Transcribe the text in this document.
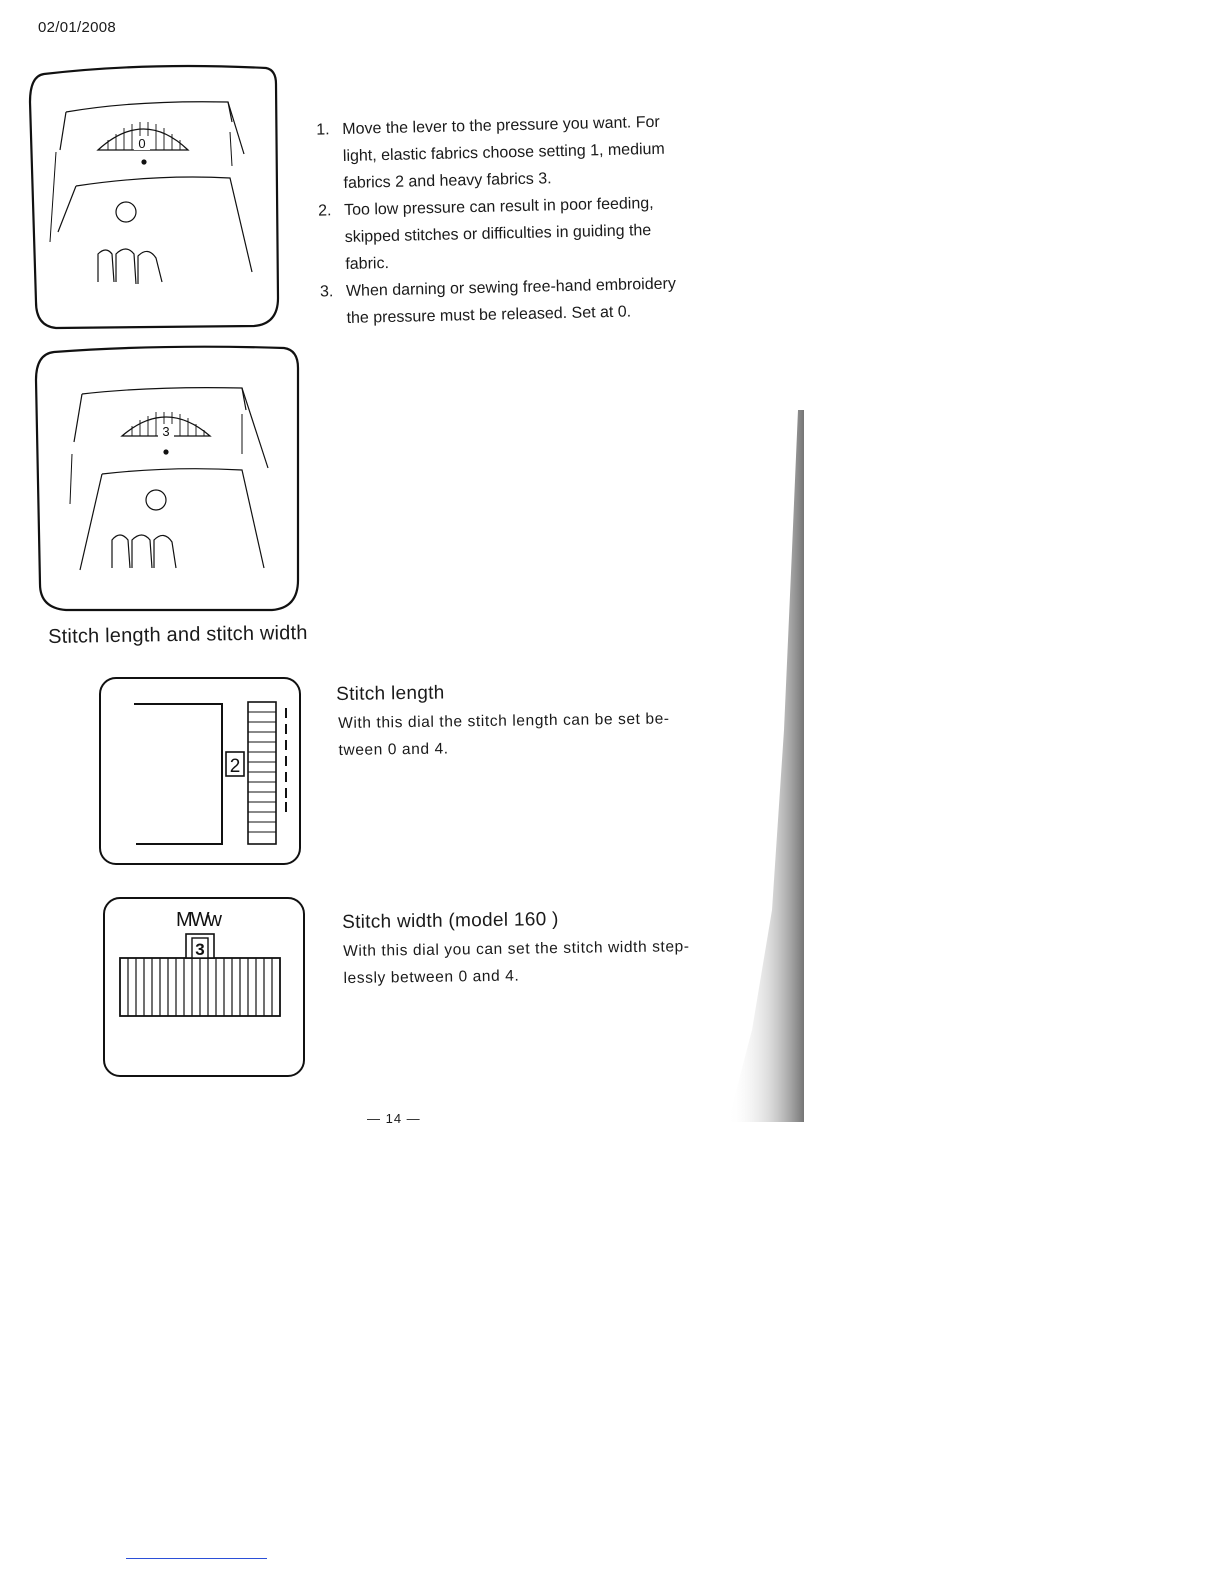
02/01/2008
0
1. Move the lever to the pressure you want. For
light, elastic fabrics choose setting 1, medium
fabrics 2 and heavy fabrics 3.
2. Too low pressure can result in poor feeding,
skipped stitches or difficulties in guiding the
fabric.
3. When darning or sewing free-hand embroidery
the pressure must be released. Set at 0.
3
Stitch length and stitch width
2
Stitch length
With this dial the stitch length can be set be-
tween 0 and 4.
MWw
3
Stitch width (model 160 )
With this dial you can set the stitch width step-
lessly between 0 and 4.
— 14 —
